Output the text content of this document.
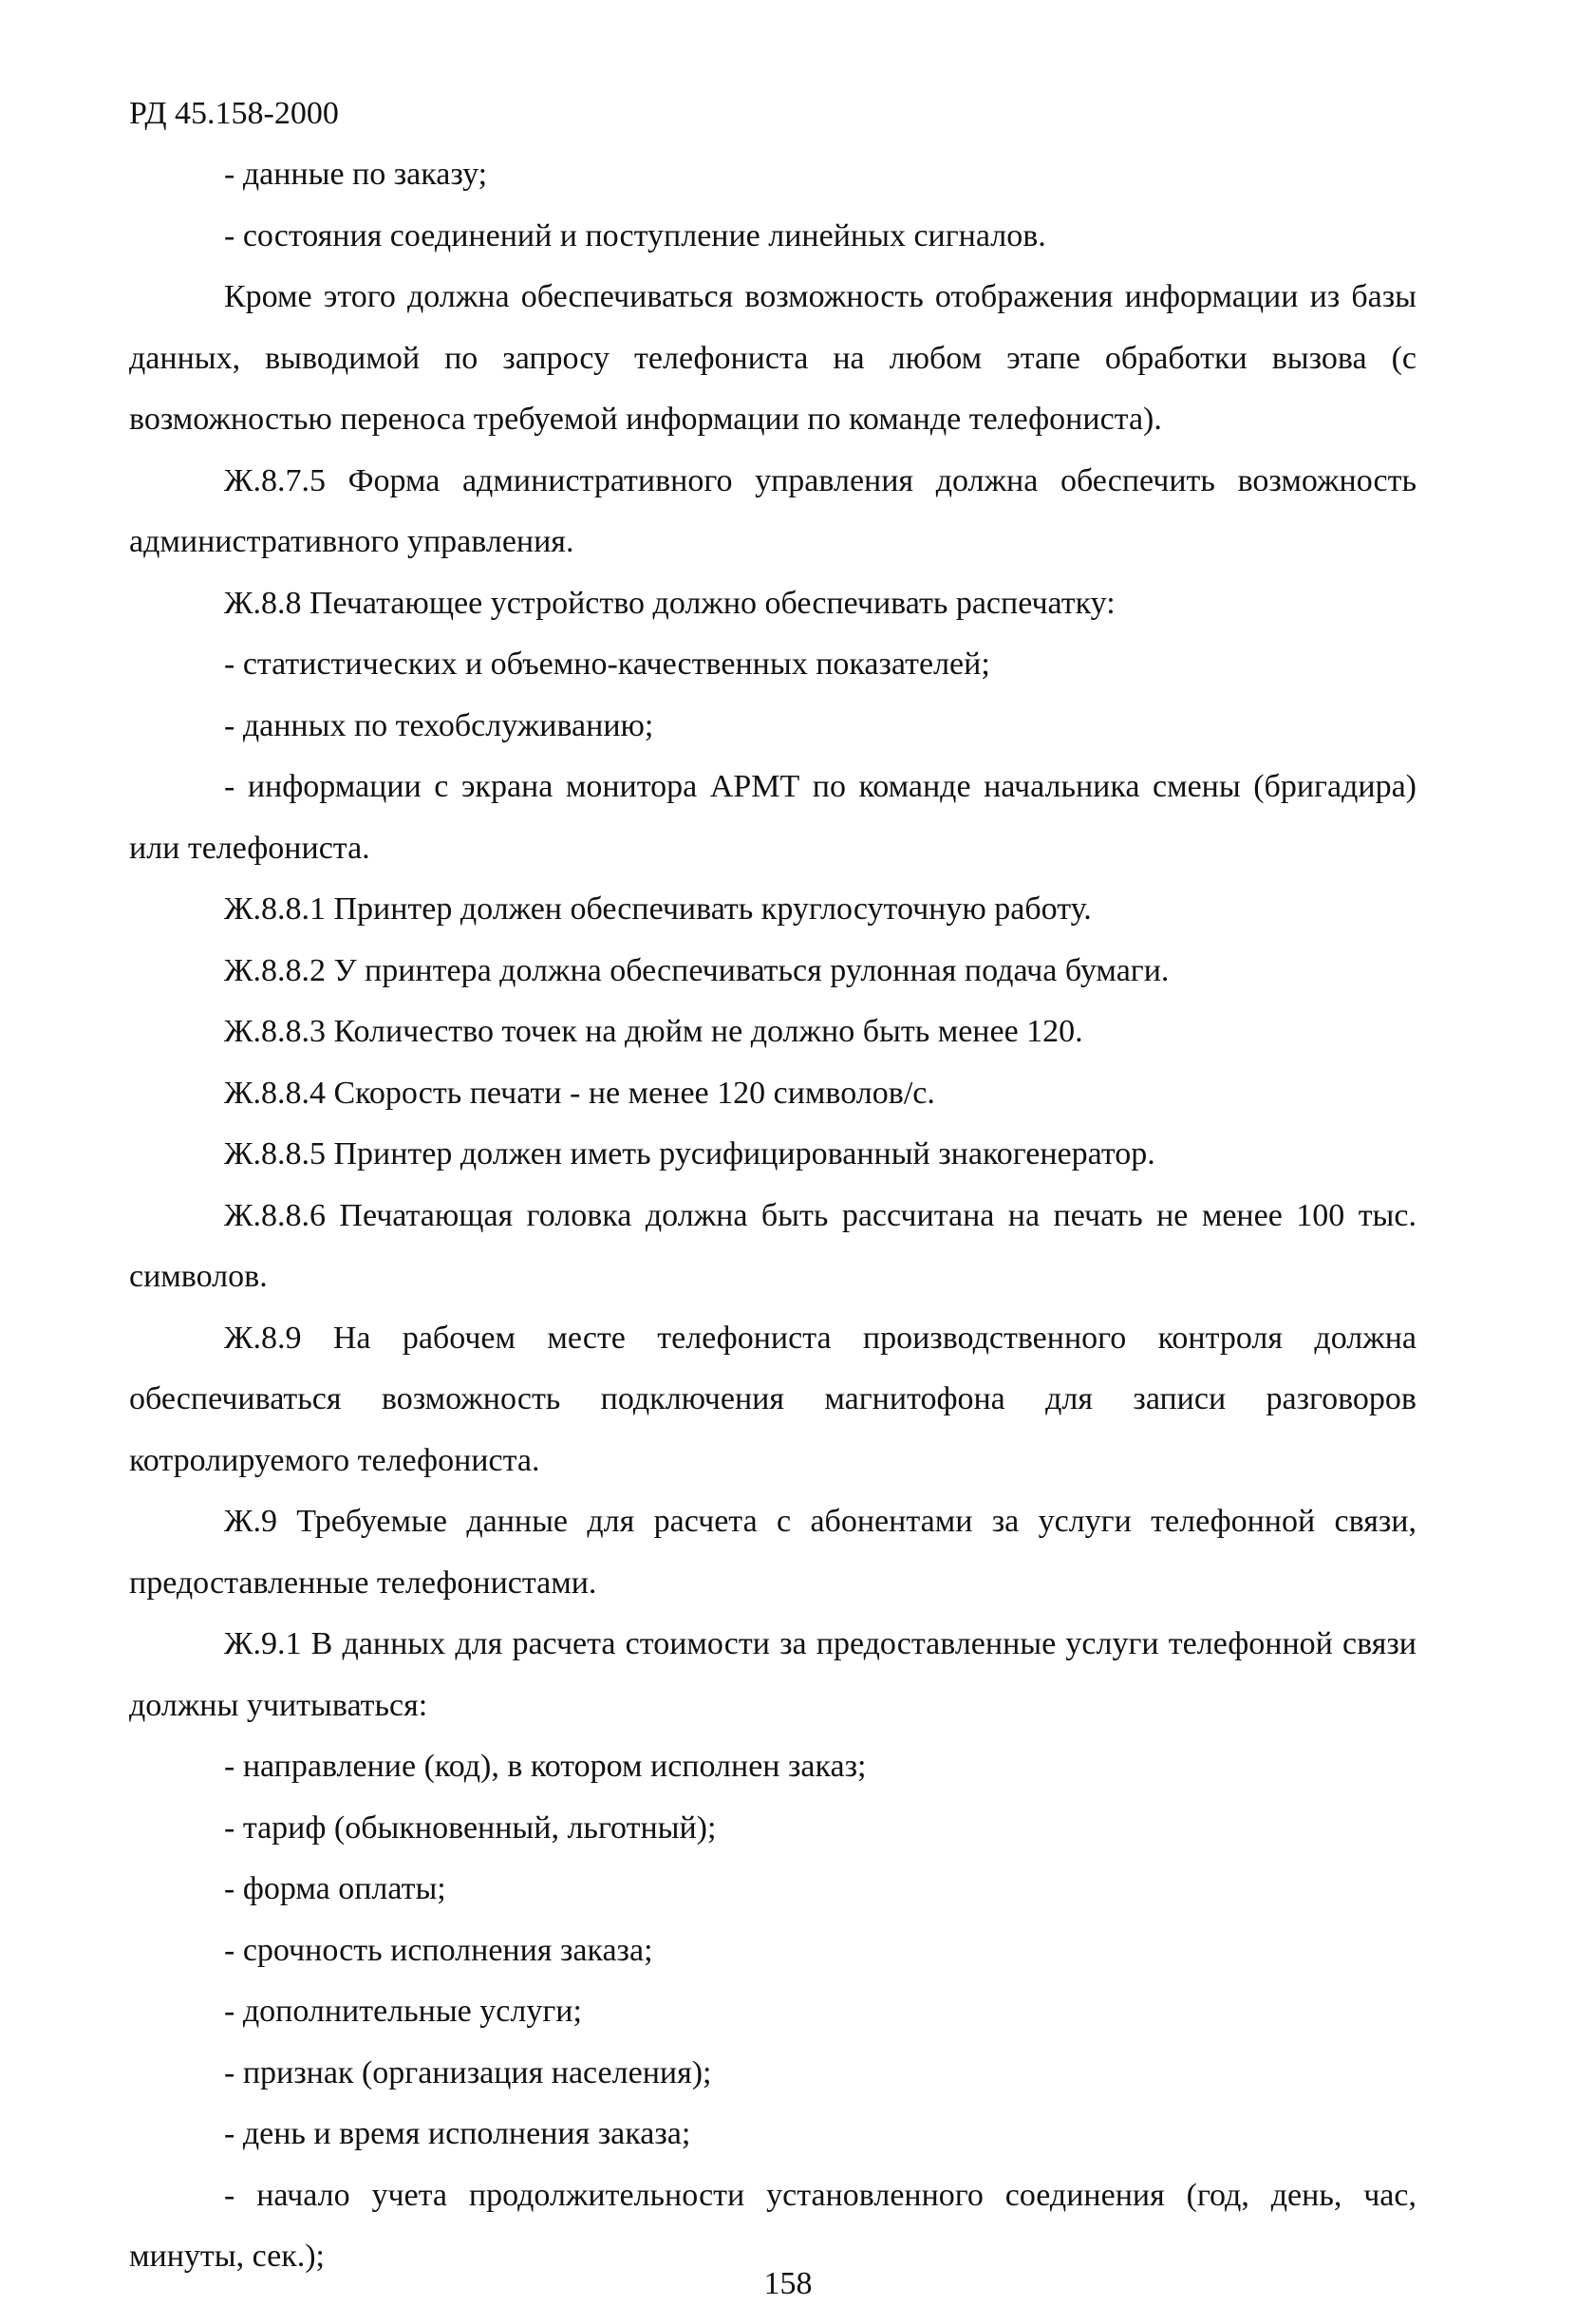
РД 45.158-2000

- данные по заказу;

- состояния соединений и поступление линейных сигналов.

Кроме этого должна обеспечиваться возможность отображения информации из базы данных, выводимой по запросу телефониста на любом этапе обработки вызова (с возможностью переноса требуемой информации по команде телефониста).

Ж.8.7.5 Форма административного управления должна обеспечить возможность административного управления.

Ж.8.8 Печатающее устройство должно обеспечивать распечатку:

- статистических и объемно-качественных показателей;

- данных по техобслуживанию;

- информации с экрана монитора АРМТ по команде начальника смены (бригадира) или телефониста.

Ж.8.8.1 Принтер должен обеспечивать круглосуточную работу.

Ж.8.8.2 У принтера должна обеспечиваться рулонная подача бумаги.

Ж.8.8.3 Количество точек на дюйм не должно быть менее 120.

Ж.8.8.4 Скорость печати - не менее 120 символов/с.

Ж.8.8.5 Принтер должен иметь русифицированный знакогенератор.

Ж.8.8.6 Печатающая головка должна быть рассчитана на печать не менее 100 тыс. символов.

Ж.8.9 На рабочем месте телефониста производственного контроля должна обеспечиваться возможность подключения магнитофона для записи разговоров котролируемого телефониста.

Ж.9 Требуемые данные для расчета с абонентами за услуги телефонной связи, предоставленные телефонистами.

Ж.9.1 В данных для расчета стоимости за предоставленные услуги телефонной связи должны учитываться:

- направление (код), в котором исполнен заказ;

- тариф (обыкновенный, льготный);

- форма оплаты;

- срочность исполнения заказа;

- дополнительные услуги;

- признак (организация населения);

- день и время исполнения заказа;

- начало учета продолжительности установленного соединения (год, день, час, минуты, сек.);

158
